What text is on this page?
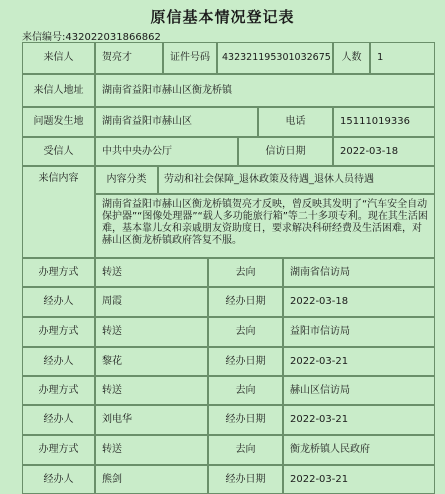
原信基本情况登记表
来信编号:432022031866862
来信人	贺亮才	证件号码	432321195301032675	人数	1
来信人地址	湖南省益阳市赫山区衡龙桥镇
问题发生地	湖南省益阳市赫山区	电话	15111019336
受信人	中共中央办公厅	信访日期	2022-03-18
来信内容	内容分类	劳动和社会保障_退休政策及待遇_退休人员待遇
湖南省益阳市赫山区衡龙桥镇贺亮才反映，曾反映其发明了“汽车安全自动保护器”“图像处理器”“载人多功能旅行箱”等二十多项专利。现在其生活困难，基本靠儿女和亲戚朋友资助度日，要求解决科研经费及生活困难，对赫山区衡龙桥镇政府答复不服。
办理方式	转送	去向	湖南省信访局
经办人	周霞	经办日期	2022-03-18
办理方式	转送	去向	益阳市信访局
经办人	黎花	经办日期	2022-03-21
办理方式	转送	去向	赫山区信访局
经办人	刘电华	经办日期	2022-03-21
办理方式	转送	去向	衡龙桥镇人民政府
经办人	熊剑	经办日期	2022-03-21
